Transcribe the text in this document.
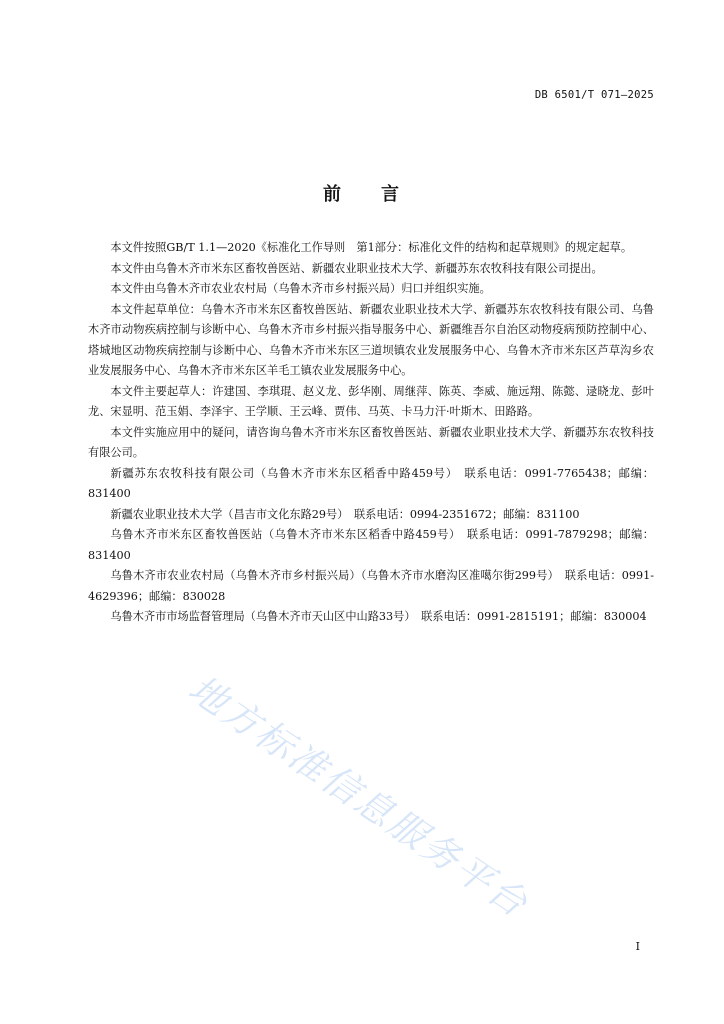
DB 6501/T 071—2025
前 言

本文件按照GB/T 1.1—2020《标准化工作导则　第1部分：标准化文件的结构和起草规则》的规定起草。

本文件由乌鲁木齐市米东区畜牧兽医站、新疆农业职业技术大学、新疆苏东农牧科技有限公司提出。

本文件由乌鲁木齐市农业农村局（乌鲁木齐市乡村振兴局）归口并组织实施。

本文件起草单位：乌鲁木齐市米东区畜牧兽医站、新疆农业职业技术大学、新疆苏东农牧科技有限公司、乌鲁木齐市动物疾病控制与诊断中心、乌鲁木齐市乡村振兴指导服务中心、新疆维吾尔自治区动物疫病预防控制中心、塔城地区动物疾病控制与诊断中心、乌鲁木齐市米东区三道坝镇农业发展服务中心、乌鲁木齐市米东区芦草沟乡农业发展服务中心、乌鲁木齐市米东区羊毛工镇农业发展服务中心。

本文件主要起草人：许建国、李琪琨、赵义龙、彭华刚、周继萍、陈英、李威、施远翔、陈懿、逯晓龙、彭叶龙、宋显明、范玉娟、李泽宇、王学顺、王云峰、贾伟、马英、卡马力汗·叶斯木、田路路。

本文件实施应用中的疑问，请咨询乌鲁木齐市米东区畜牧兽医站、新疆农业职业技术大学、新疆苏东农牧科技有限公司。

新疆苏东农牧科技有限公司（乌鲁木齐市米东区稻香中路459号）　联系电话：0991-7765438；邮编：831400

新疆农业职业技术大学（昌吉市文化东路29号）　联系电话：0994-2351672；邮编：831100

乌鲁木齐市米东区畜牧兽医站（乌鲁木齐市米东区稻香中路459号）　联系电话：0991-7879298；邮编：831400

乌鲁木齐市农业农村局（乌鲁木齐市乡村振兴局）（乌鲁木齐市水磨沟区准噶尔街299号）　联系电话：0991-4629396；邮编：830028

乌鲁木齐市市场监督管理局（乌鲁木齐市天山区中山路33号）　联系电话：0991-2815191；邮编：830004

地方标准信息服务平台
I
